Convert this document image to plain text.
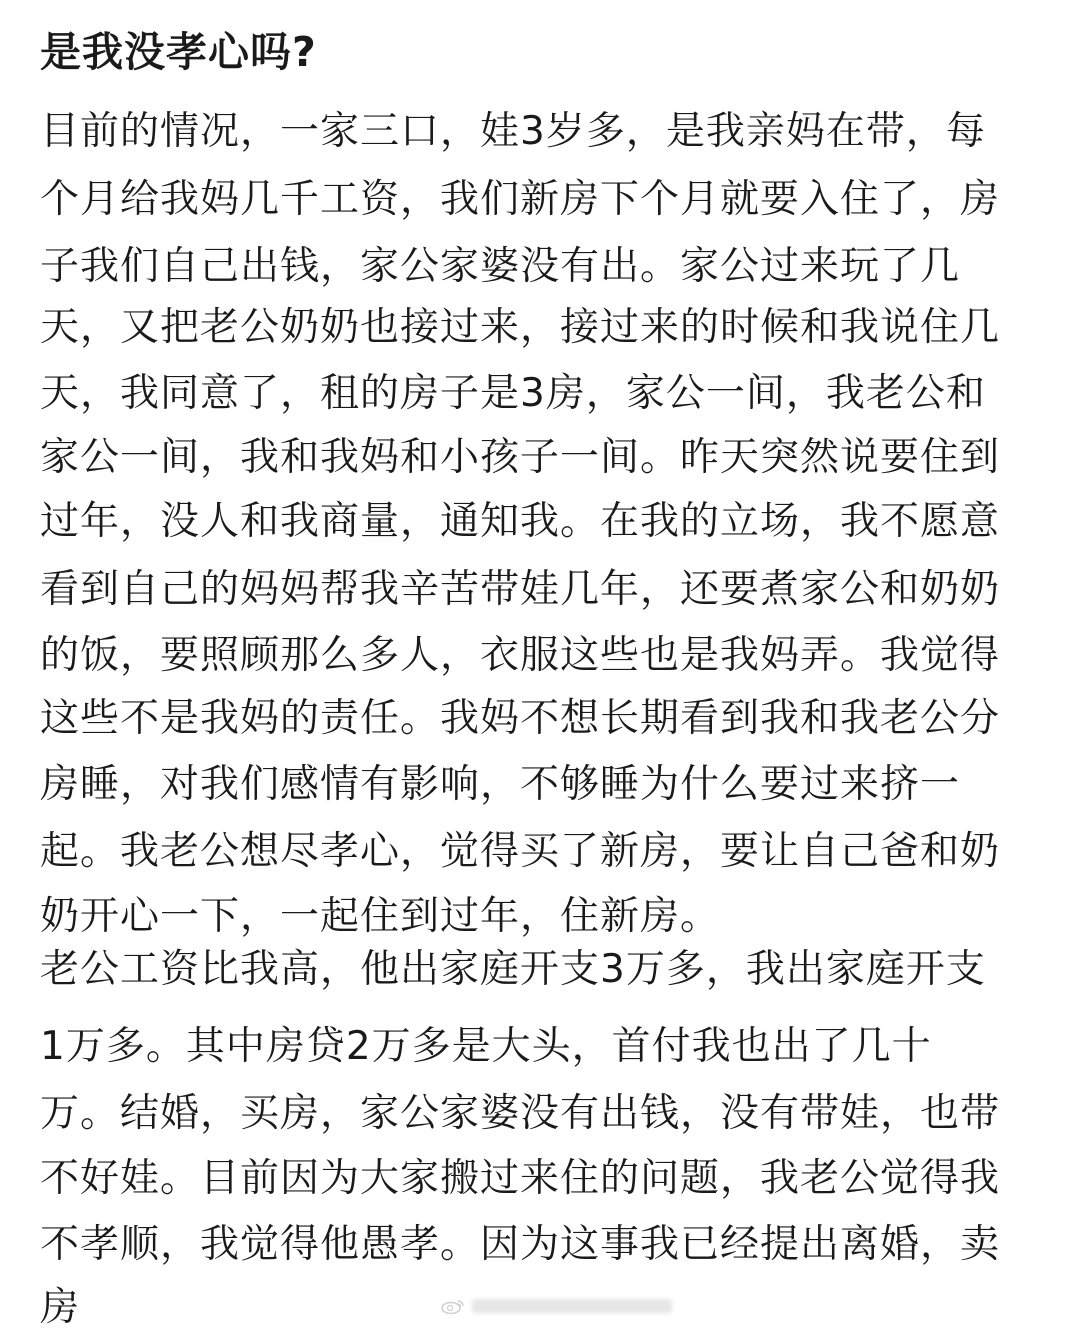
是我没孝心吗?
目前的情况，一家三口，娃3岁多，是我亲妈在带，每
个月给我妈几千工资，我们新房下个月就要入住了，房
子我们自己出钱，家公家婆没有出。家公过来玩了几
天，又把老公奶奶也接过来，接过来的时候和我说住几
天，我同意了，租的房子是3房，家公一间，我老公和
家公一间，我和我妈和小孩子一间。昨天突然说要住到
过年，没人和我商量，通知我。在我的立场，我不愿意
看到自己的妈妈帮我辛苦带娃几年，还要煮家公和奶奶
的饭，要照顾那么多人，衣服这些也是我妈弄。我觉得
这些不是我妈的责任。我妈不想长期看到我和我老公分
房睡，对我们感情有影响，不够睡为什么要过来挤一
起。我老公想尽孝心，觉得买了新房，要让自己爸和奶
奶开心一下，一起住到过年，住新房。
老公工资比我高，他出家庭开支3万多，我出家庭开支
1万多。其中房贷2万多是大头，首付我也出了几十
万。结婚，买房，家公家婆没有出钱，没有带娃，也带
不好娃。目前因为大家搬过来住的问题，我老公觉得我
不孝顺，我觉得他愚孝。因为这事我已经提出离婚，卖
房
